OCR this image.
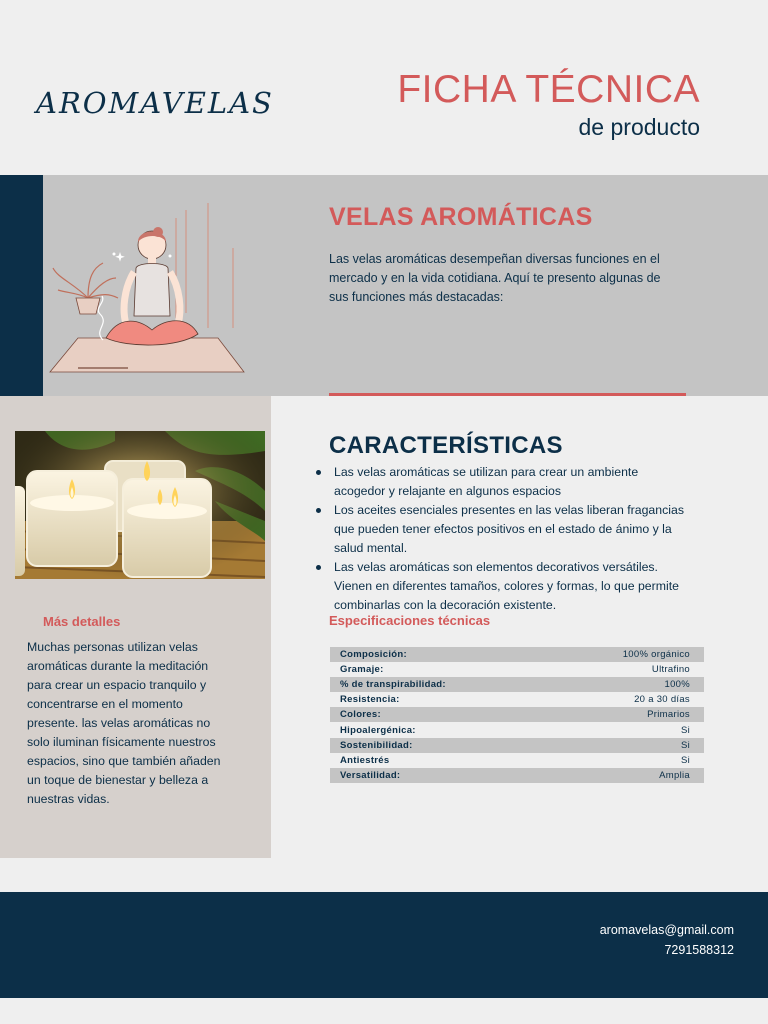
AROMAVELAS	FICHA TÉCNICA
de producto
VELAS AROMÁTICAS
Las velas aromáticas desempeñan diversas funciones en el mercado y en la vida cotidiana. Aquí te presento algunas de sus funciones más destacadas:
Más detalles
Muchas personas utilizan velas aromáticas durante la meditación para crear un espacio tranquilo y concentrarse en el momento presente. las velas aromáticas no solo iluminan físicamente nuestros espacios, sino que también añaden un toque de bienestar y belleza a nuestras vidas.
CARACTERÍSTICAS
Las velas aromáticas se utilizan para crear un ambiente acogedor y relajante en algunos espacios
Los aceites esenciales presentes en las velas liberan fragancias que pueden tener efectos positivos en el estado de ánimo y la salud mental.
Las velas aromáticas son elementos decorativos versátiles. Vienen en diferentes tamaños, colores y formas, lo que permite combinarlas con la decoración existente.
Especificaciones técnicas
Composición:	100% orgánico
Gramaje:	Ultrafino
% de transpirabilidad:	100%
Resistencia:	20 a 30 días
Colores:	Primarios
Hipoalergénica:	Si
Sostenibilidad:	Si
Antiestrés	Si
Versatilidad:	Amplia
aromavelas@gmail.com
7291588312
